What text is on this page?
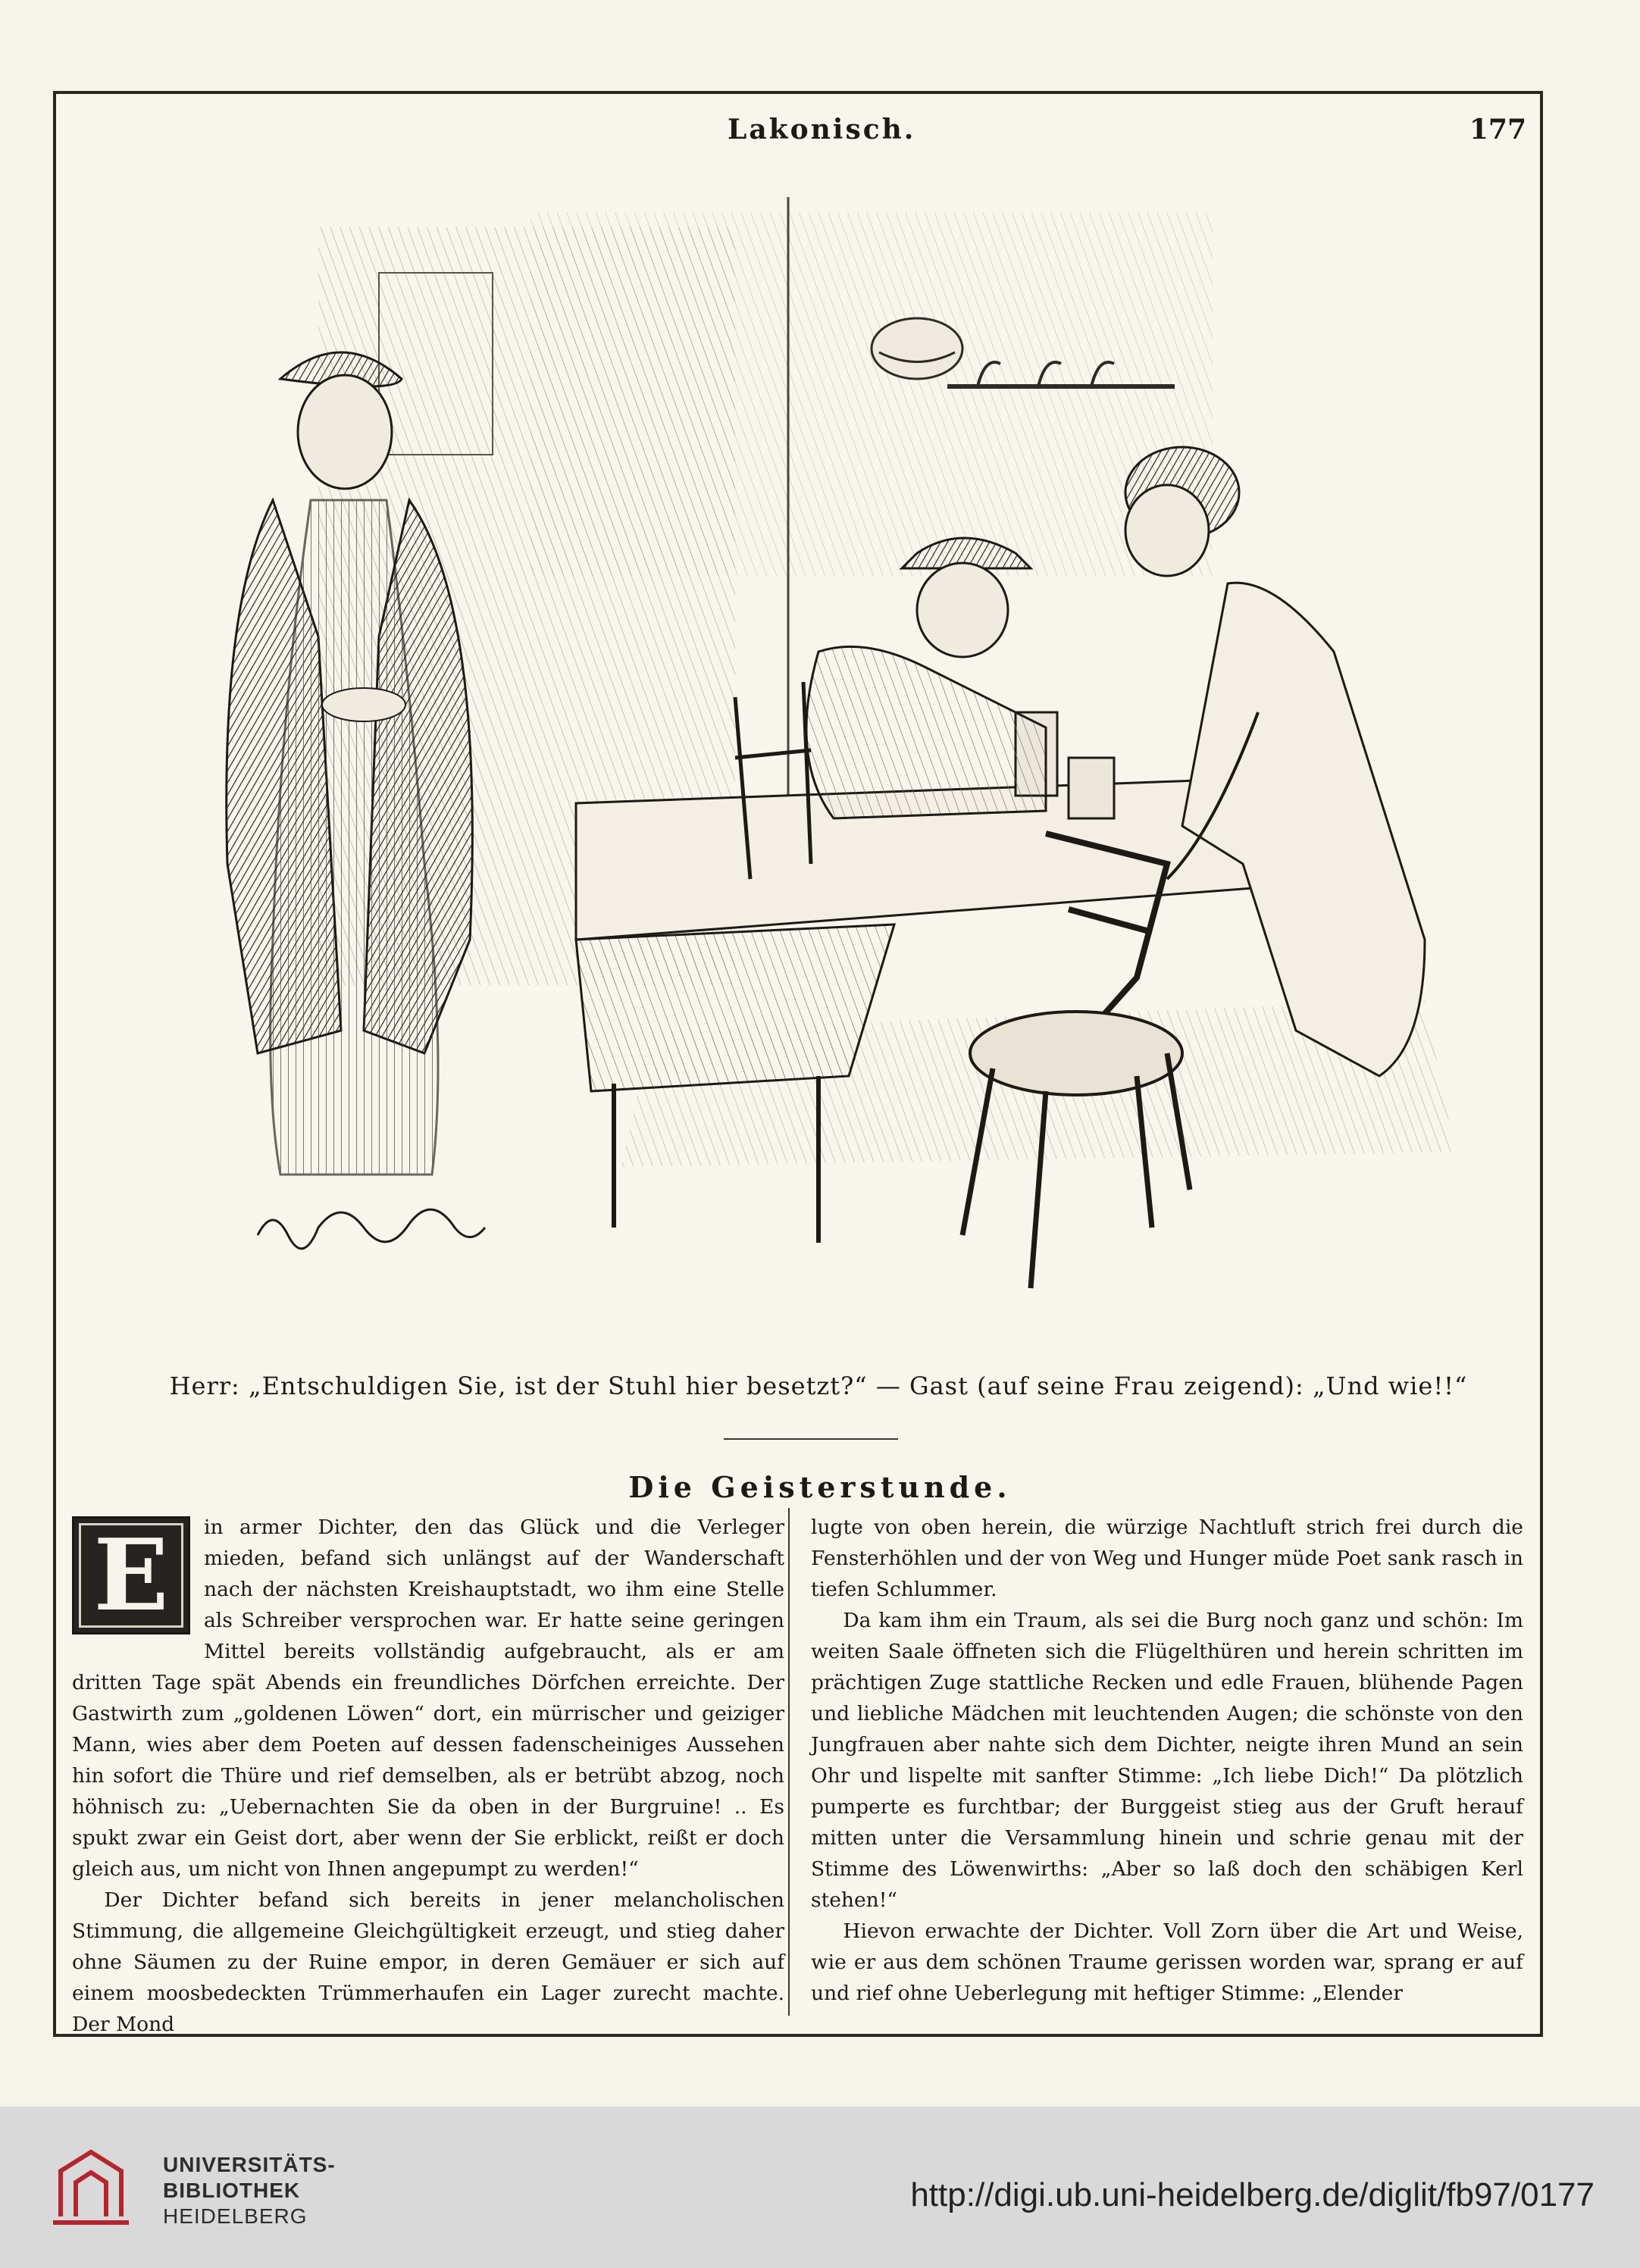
Lakonisch.	177
Herr: „Entschuldigen Sie, ist der Stuhl hier besetzt?“ — Gast (auf seine Frau zeigend): „Und wie!!“
Die Geisterstunde.
E	in armer Dichter, den das Glück und die Verleger mieden, befand sich unlängst auf der Wanderschaft nach der nächsten Kreishauptstadt, wo ihm eine Stelle als Schreiber versprochen war. Er hatte seine geringen Mittel bereits vollständig aufgebraucht, als er am dritten Tage spät Abends ein freundliches Dörfchen erreichte. Der Gastwirth zum „goldenen Löwen“ dort, ein mürrischer und geiziger Mann, wies aber dem Poeten auf dessen fadenscheiniges Aussehen hin sofort die Thüre und rief demselben, als er betrübt abzog, noch höhnisch zu: „Uebernachten Sie da oben in der Burgruine! .. Es spukt zwar ein Geist dort, aber wenn der Sie erblickt, reißt er doch gleich aus, um nicht von Ihnen angepumpt zu werden!“

Der Dichter befand sich bereits in jener melancholischen Stimmung, die allgemeine Gleichgültigkeit erzeugt, und stieg daher ohne Säumen zu der Ruine empor, in deren Gemäuer er sich auf einem moosbedeckten Trümmerhaufen ein Lager zurecht machte. Der Mond

lugte von oben herein, die würzige Nachtluft strich frei durch die Fensterhöhlen und der von Weg und Hunger müde Poet sank rasch in tiefen Schlummer.

Da kam ihm ein Traum, als sei die Burg noch ganz und schön: Im weiten Saale öffneten sich die Flügelthüren und herein schritten im prächtigen Zuge stattliche Recken und edle Frauen, blühende Pagen und liebliche Mädchen mit leuchtenden Augen; die schönste von den Jungfrauen aber nahte sich dem Dichter, neigte ihren Mund an sein Ohr und lispelte mit sanfter Stimme: „Ich liebe Dich!“ Da plötzlich pumperte es furchtbar; der Burggeist stieg aus der Gruft herauf mitten unter die Versammlung hinein und schrie genau mit der Stimme des Löwenwirths: „Aber so laß doch den schäbigen Kerl stehen!“

Hievon erwachte der Dichter. Voll Zorn über die Art und Weise, wie er aus dem schönen Traume gerissen worden war, sprang er auf und rief ohne Ueberlegung mit heftiger Stimme: „Elender

UNIVERSITÄTS-
BIBLIOTHEK
HEIDELBERG
http://digi.ub.uni-heidelberg.de/diglit/fb97/0177
